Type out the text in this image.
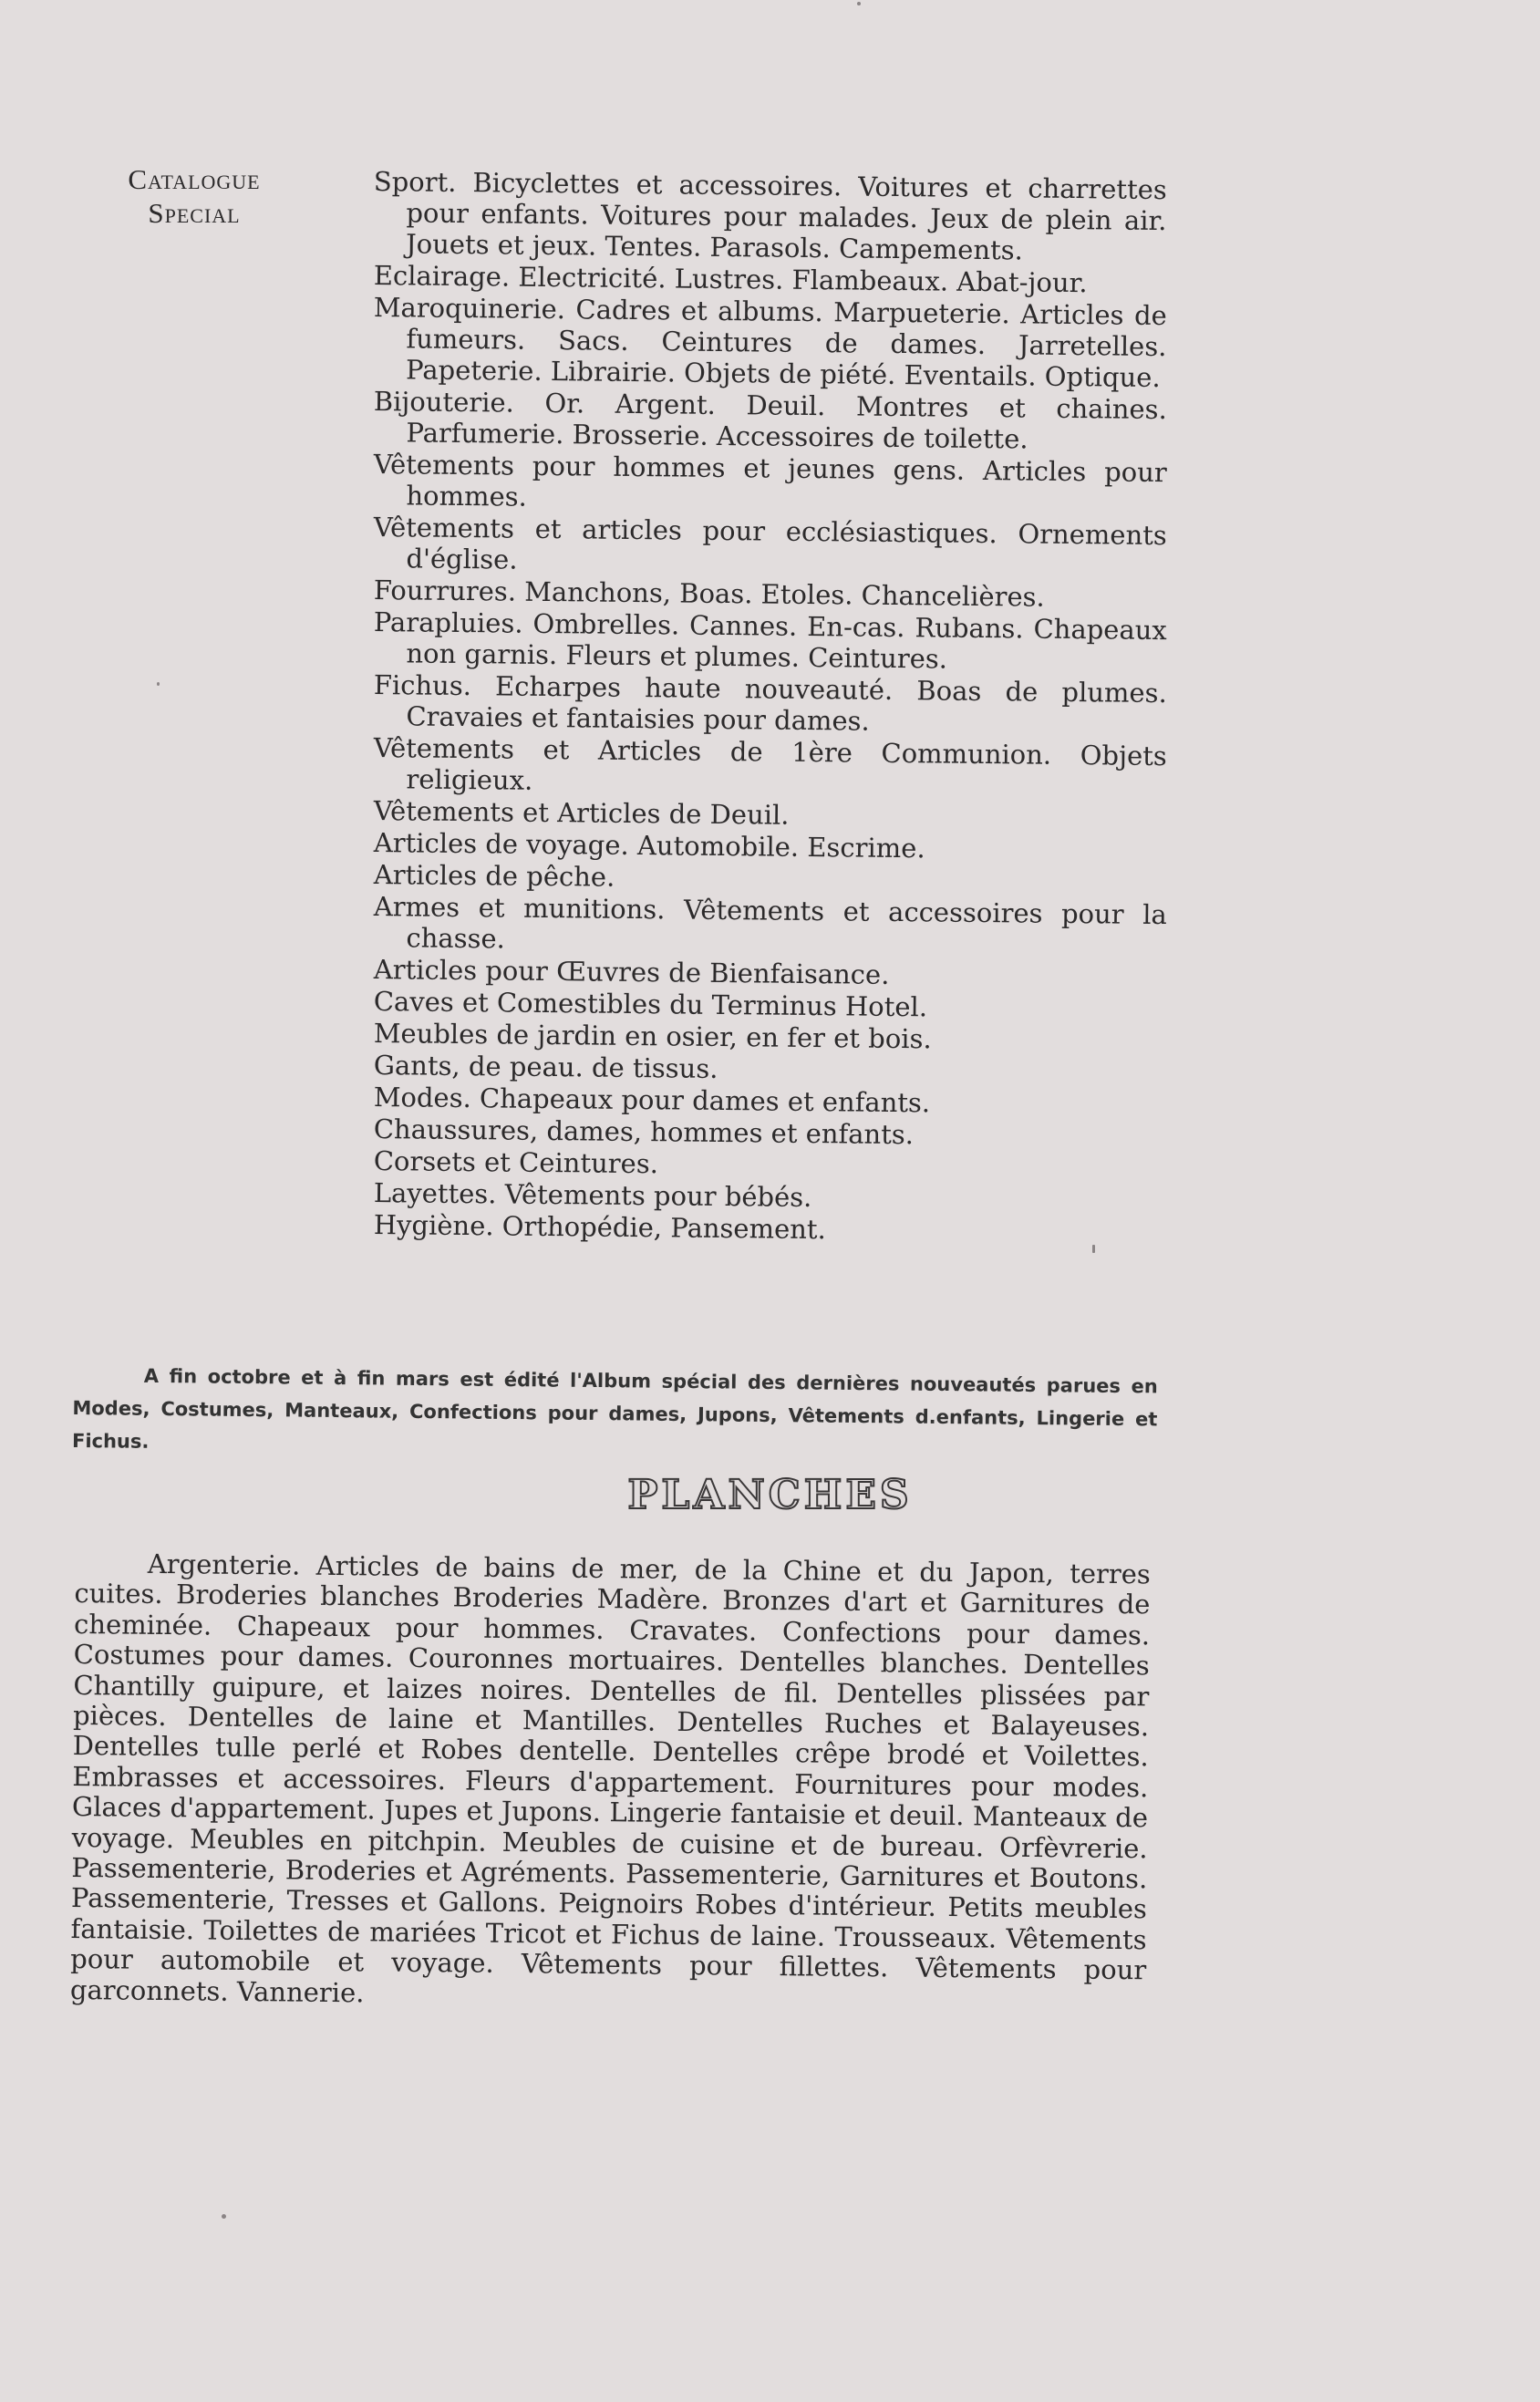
Catalogue
Special
Sport. Bicyclettes et accessoires. Voitures et charrettes pour enfants. Voitures pour malades. Jeux de plein air. Jouets et jeux. Tentes. Parasols. Campements.
Eclairage. Electricité. Lustres. Flambeaux. Abat-jour.
Maroquinerie. Cadres et albums. Marpueterie. Articles de fumeurs. Sacs. Ceintures de dames. Jarretelles. Papeterie. Librairie. Objets de piété. Eventails. Optique.
Bijouterie. Or. Argent. Deuil. Montres et chaines. Parfumerie. Brosserie. Accessoires de toilette.
Vêtements pour hommes et jeunes gens. Articles pour hommes.
Vêtements et articles pour ecclésiastiques. Ornements d'église.
Fourrures. Manchons, Boas. Etoles. Chancelières.
Parapluies. Ombrelles. Cannes. En-cas. Rubans. Chapeaux non garnis. Fleurs et plumes. Ceintures.
Fichus. Echarpes haute nouveauté. Boas de plumes. Cravaies et fantaisies pour dames.
Vêtements et Articles de 1ère Communion. Objets religieux.
Vêtements et Articles de Deuil.
Articles de voyage. Automobile. Escrime.
Articles de pêche.
Armes et munitions. Vêtements et accessoires pour la chasse.
Articles pour Œuvres de Bienfaisance.
Caves et Comestibles du Terminus Hotel.
Meubles de jardin en osier, en fer et bois.
Gants, de peau. de tissus.
Modes. Chapeaux pour dames et enfants.
Chaussures, dames, hommes et enfants.
Corsets et Ceintures.
Layettes. Vêtements pour bébés.
Hygiène. Orthopédie, Pansement.

A fin octobre et à fin mars est édité l'Album spécial des dernières nouveautés parues en Modes, Costumes, Manteaux, Confections pour dames, Jupons, Vêtements d.enfants, Lingerie et Fichus.

PLANCHES

Argenterie. Articles de bains de mer, de la Chine et du Japon, terres cuites. Broderies blanches Broderies Madère. Bronzes d'art et Garnitures de cheminée. Chapeaux pour hommes. Cravates. Confections pour dames. Costumes pour dames. Couronnes mortuaires. Dentelles blanches. Dentelles Chantilly guipure, et laizes noires. Dentelles de fil. Dentelles plissées par pièces. Dentelles de laine et Mantilles. Dentelles Ruches et Balayeuses. Dentelles tulle perlé et Robes dentelle. Dentelles crêpe brodé et Voilettes. Embrasses et accessoires. Fleurs d'appartement. Fournitures pour modes. Glaces d'appartement. Jupes et Jupons. Lingerie fantaisie et deuil. Manteaux de voyage. Meubles en pitchpin. Meubles de cuisine et de bureau. Orfèvrerie. Passementerie, Broderies et Agréments. Passementerie, Garnitures et Boutons. Passementerie, Tresses et Gallons. Peignoirs Robes d'intérieur. Petits meubles fantaisie. Toilettes de mariées Tricot et Fichus de laine. Trousseaux. Vêtements pour automobile et voyage. Vêtements pour fillettes. Vêtements pour garconnets. Vannerie.
